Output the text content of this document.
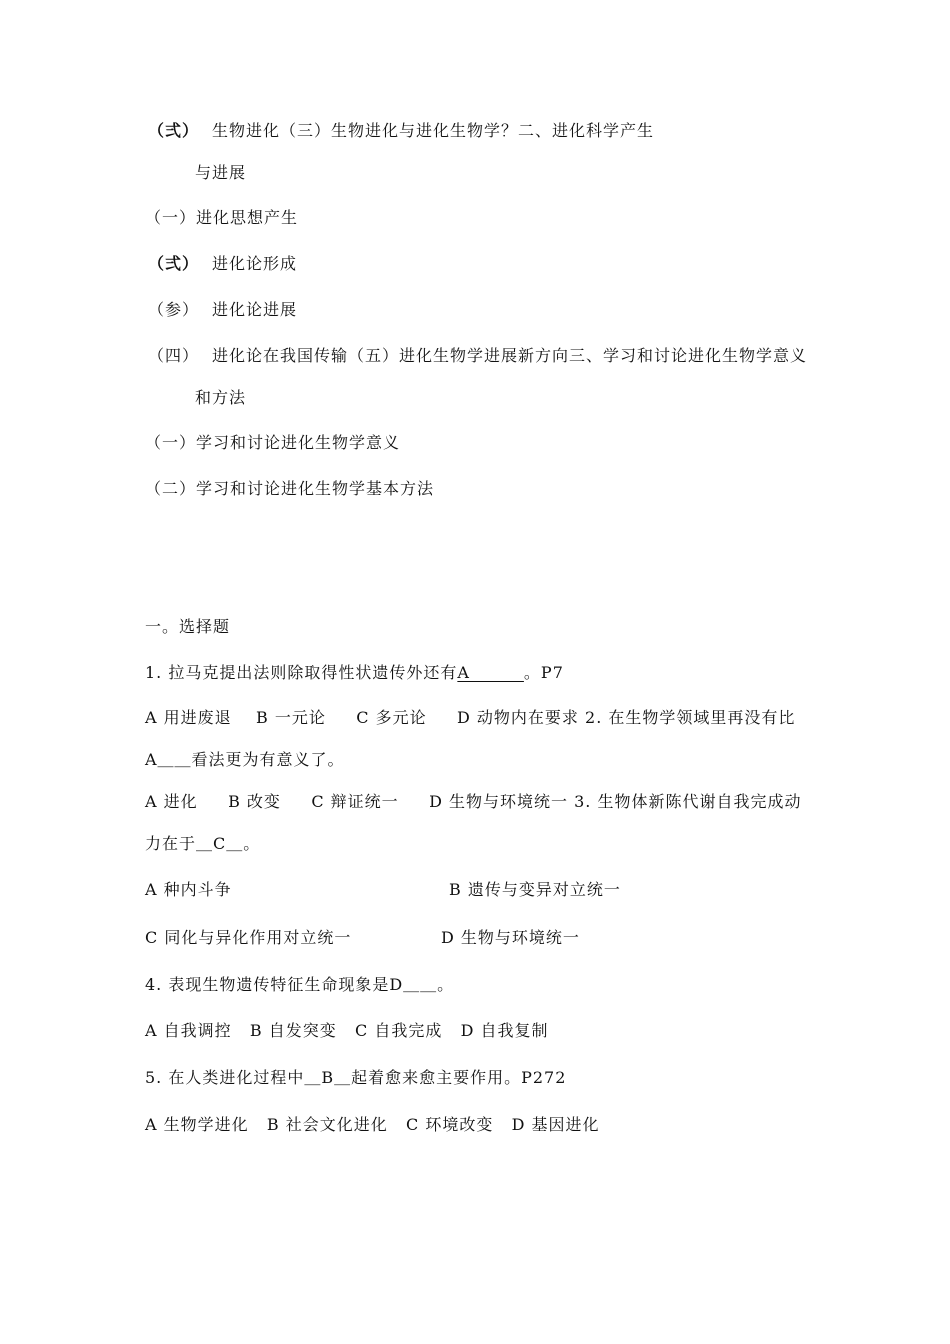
（弍） 生物进化（三）生物进化与进化生物学？二、进化科学产生
与进展
（一）进化思想产生
（弍） 进化论形成
（参） 进化论进展
（四） 进化论在我国传输（五）进化生物学进展新方向三、学习和讨论进化生物学意义
和方法
（一）学习和讨论进化生物学意义
（二）学习和讨论进化生物学基本方法
一。选择题
1. 拉马克提出法则除取得性状遗传外还有A______。P7
A 用进废退    B 一元论     C 多元论     D 动物内在要求 2. 在生物学领域里再没有比
A＿＿看法更为有意义了。
A 进化     B 改变     C 辩证统一     D 生物与环境统一 3. 生物体新陈代谢自我完成动
力在于＿C＿。
A 种内斗争	B 遗传与变异对立统一
C 同化与异化作用对立统一	D 生物与环境统一
4. 表现生物遗传特征生命现象是D＿＿。
A 自我调控   B 自发突变   C 自我完成   D 自我复制
5. 在人类进化过程中＿B＿起着愈来愈主要作用。P272
A 生物学进化   B 社会文化进化   C 环境改变   D 基因进化
